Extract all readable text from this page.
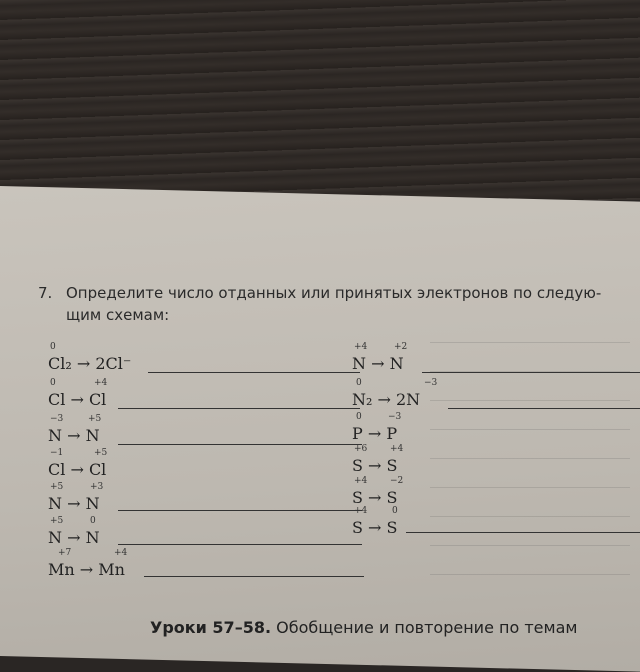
7. Определите число отданных или принятых электронов по следую-
щим схемам:
0
Cl₂ → 2Cl⁻
0	+4
Cl → Cl
−3	+5
N → N
−1	+5
Cl → Cl
+5	+3
N → N
+5	0
N → N
+7	+4
Mn → Mn
+4	+2
N → N
0	−3
N₂ → 2N
0	−3
P → P
+6	+4
S → S
+4	−2
S → S
+4	0
S → S
Уроки 57–58. Обобщение и повторение по темам
